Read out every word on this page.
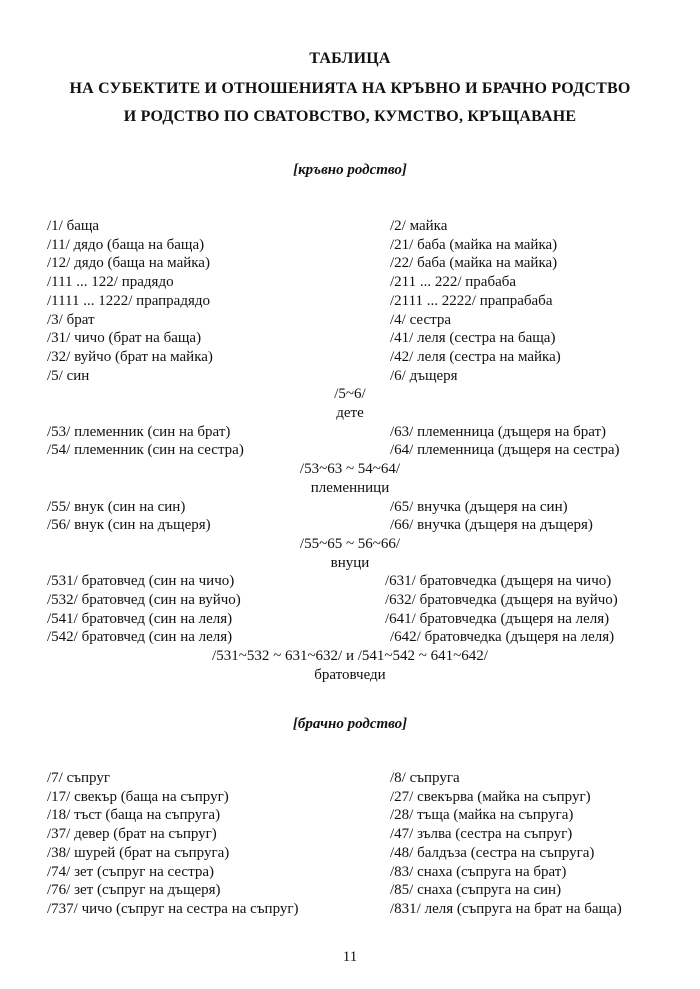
ТАБЛИЦА
НА СУБЕКТИТЕ И ОТНОШЕНИЯТА НА КРЪВНО И БРАЧНО РОДСТВО
И РОДСТВО ПО СВАТОВСТВО, КУМСТВО, КРЪЩАВАНЕ
[кръвно родство]
/1/ баща	/2/ майка
/11/ дядо (баща на баща)	/21/ баба (майка на майка)
/12/ дядо (баща на майка)	/22/ баба (майка на майка)
/111 ... 122/ прадядо	/211 ... 222/ прабаба
/1111 ... 1222/ прапрадядо	/2111 ... 2222/ прапрабаба
/3/ брат	/4/ сестра
/31/ чичо (брат на баща)	/41/ леля (сестра на баща)
/32/ вуйчо (брат на майка)	/42/ леля (сестра на майка)
/5/ син	/6/ дъщеря
/5~6/
дете
/53/ племенник (син на брат)	/63/ племенница (дъщеря на брат)
/54/ племенник (син на сестра)	/64/ племенница (дъщеря на сестра)
/53~63 ~ 54~64/
племенници
/55/ внук (син на син)	/65/ внучка (дъщеря на син)
/56/ внук (син на дъщеря)	/66/ внучка (дъщеря на дъщеря)
/55~65 ~ 56~66/
внуци
/531/ братовчед (син на чичо)	/631/ братовчедка (дъщеря на чичо)
/532/ братовчед (син на вуйчо)	/632/ братовчедка (дъщеря на вуйчо)
/541/ братовчед (син на леля)	/641/ братовчедка (дъщеря на леля)
/542/ братовчед (син на леля)	/642/ братовчедка (дъщеря на леля)
/531~532 ~ 631~632/ и /541~542 ~ 641~642/
братовчеди
[брачно родство]
/7/ съпруг	/8/ съпруга
/17/ свекър (баща на съпруг)	/27/ свекърва (майка на съпруг)
/18/ тъст (баща на съпруга)	/28/ тъща (майка на съпруга)
/37/ девер (брат на съпруг)	/47/ зълва (сестра на съпруг)
/38/ шурей (брат на съпруга)	/48/ балдъза (сестра на съпруга)
/74/ зет (съпруг на сестра)	/83/ снаха (съпруга на брат)
/76/ зет (съпруг на дъщеря)	/85/ снаха (съпруга на син)
/737/ чичо (съпруг на сестра на съпруг)	/831/ леля (съпруга на брат на баща)
11
